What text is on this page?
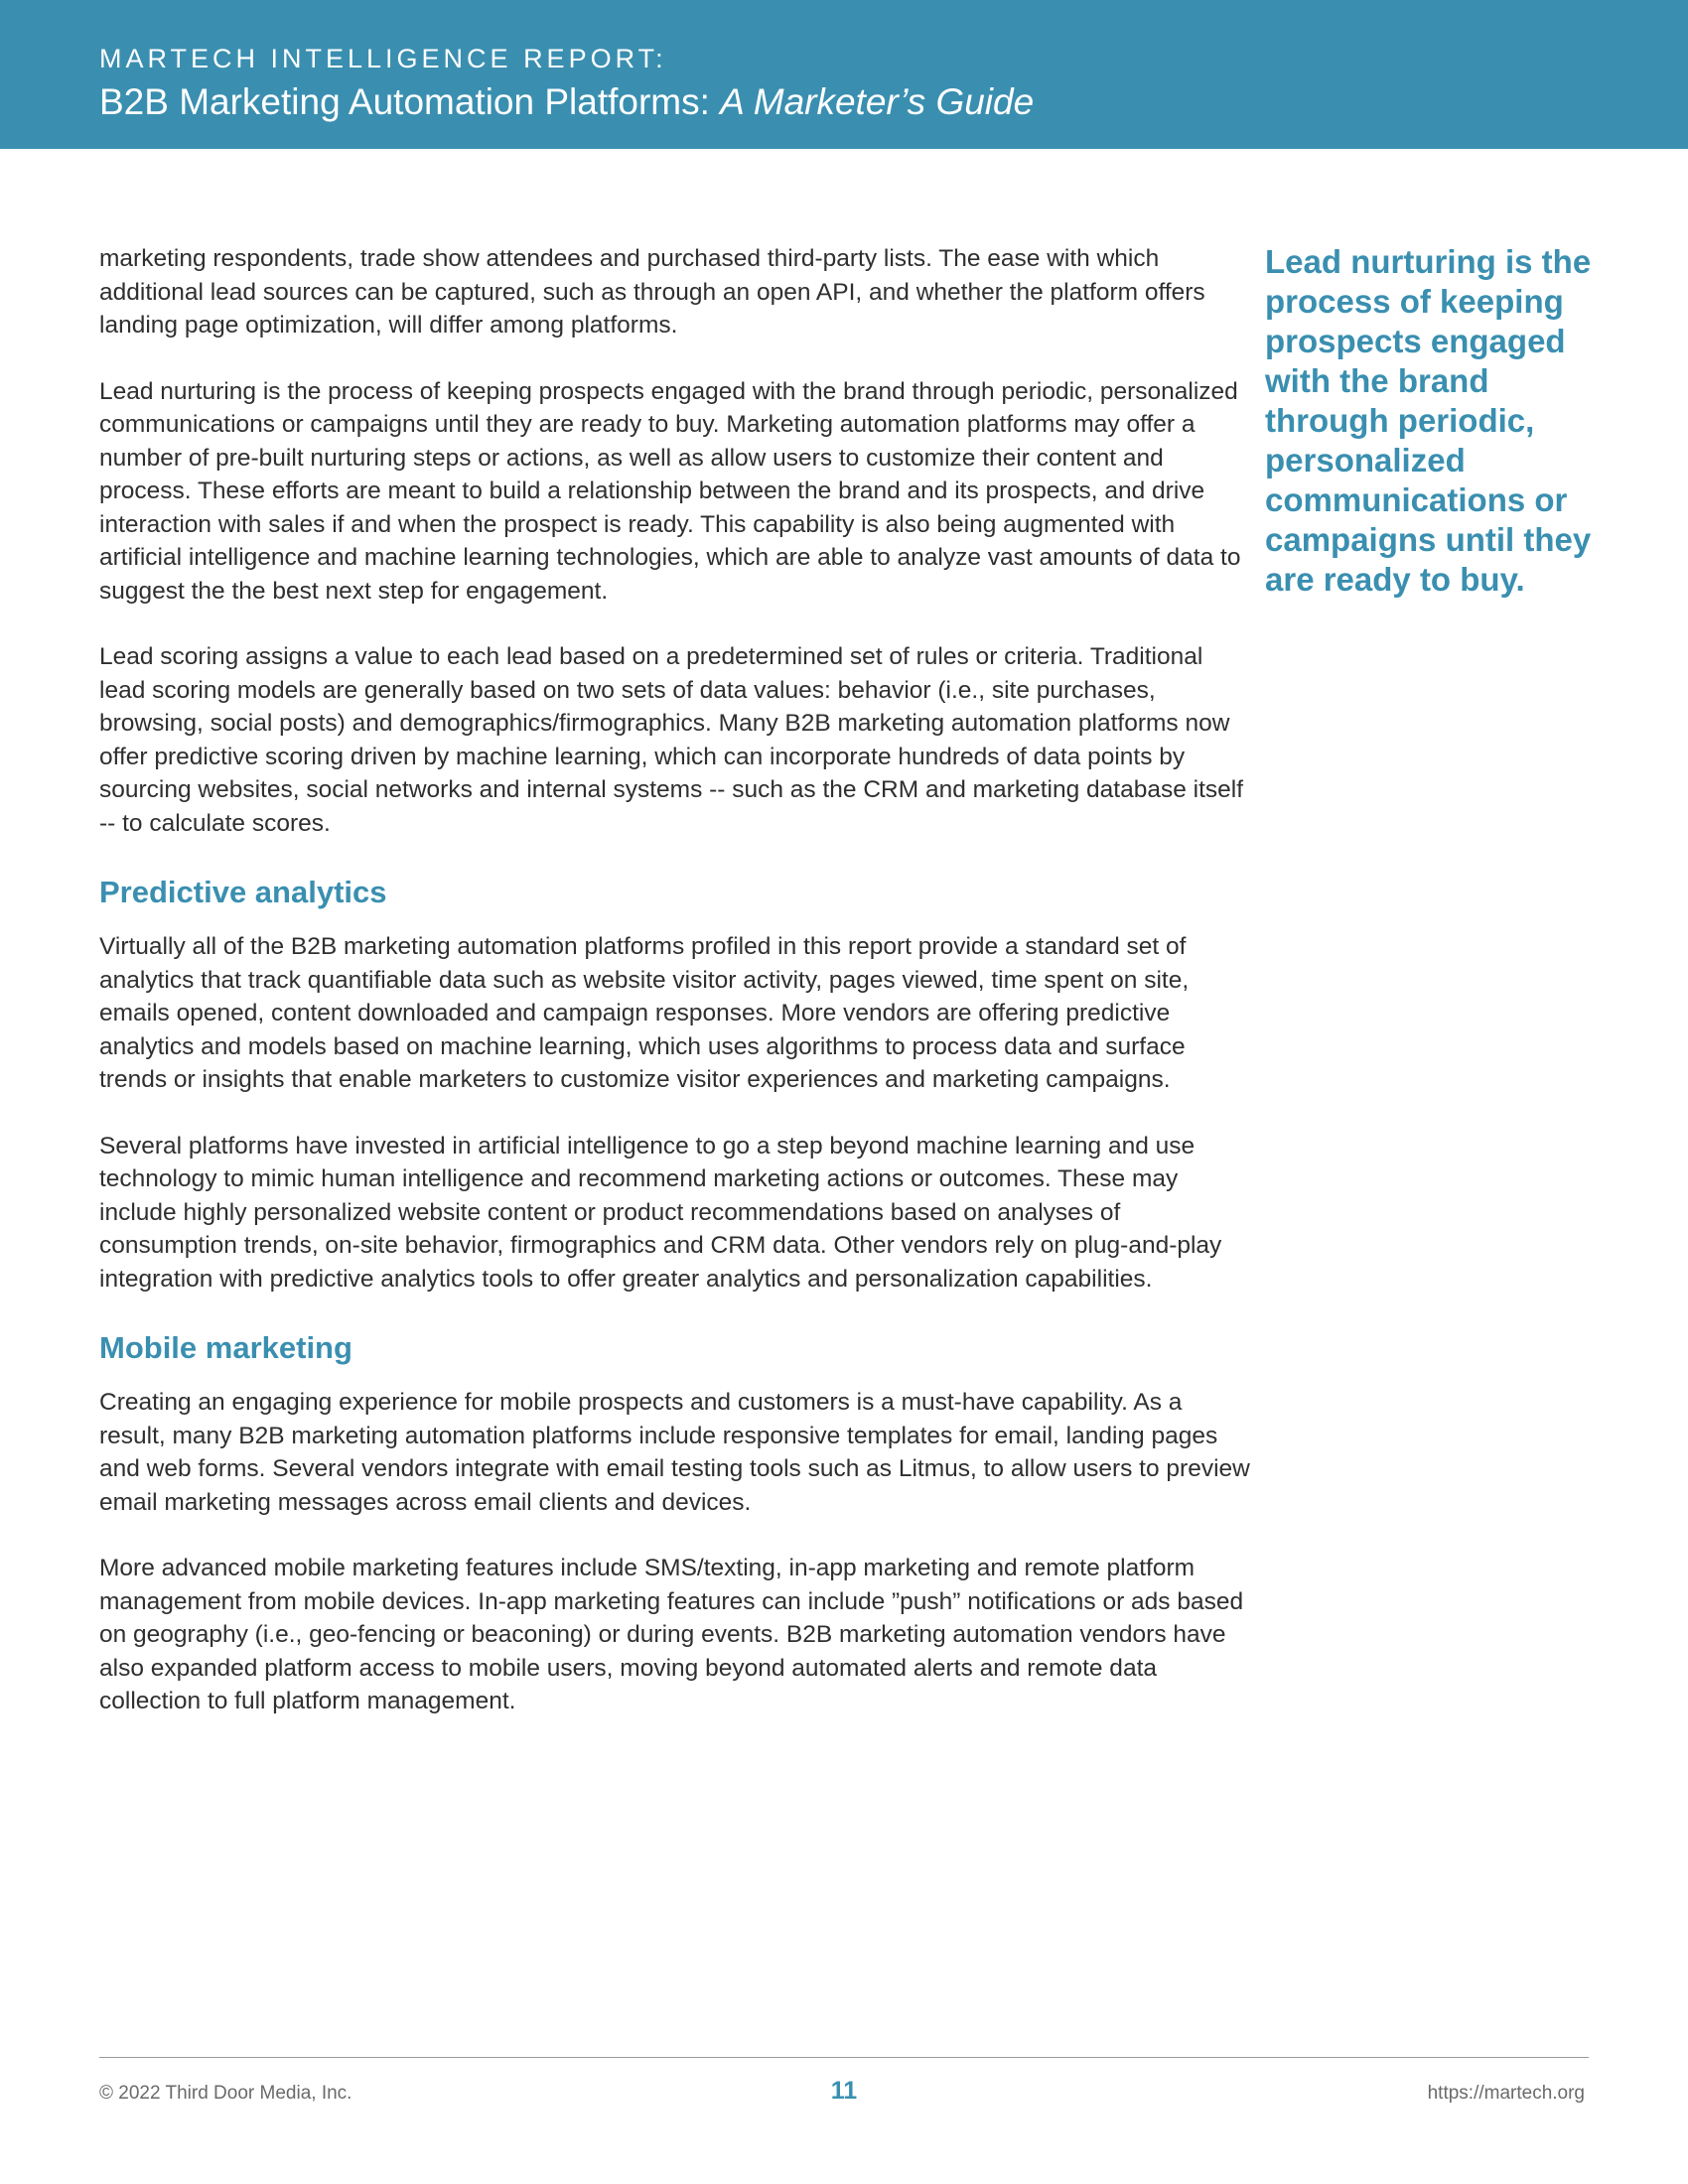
MARTECH INTELLIGENCE REPORT:
B2B Marketing Automation Platforms: A Marketer’s Guide

marketing respondents, trade show attendees and purchased third-party lists. The ease with which additional lead sources can be captured, such as through an open API, and whether the platform offers landing page optimization, will differ among platforms.

Lead nurturing is the process of keeping prospects engaged with the brand through periodic, personalized communications or campaigns until they are ready to buy. Marketing automation platforms may offer a number of pre-built nurturing steps or actions, as well as allow users to customize their content and process. These efforts are meant to build a relationship between the brand and its prospects, and drive interaction with sales if and when the prospect is ready. This capability is also being augmented with artificial intelligence and machine learning technologies, which are able to analyze vast amounts of data to suggest the the best next step for engagement.

Lead scoring assigns a value to each lead based on a predetermined set of rules or criteria. Traditional lead scoring models are generally based on two sets of data values: behavior (i.e., site purchases, browsing, social posts) and demographics/firmographics. Many B2B marketing automation platforms now offer predictive scoring driven by machine learning, which can incorporate hundreds of data points by sourcing websites, social networks and internal systems -- such as the CRM and marketing database itself -- to calculate scores.

Predictive analytics

Virtually all of the B2B marketing automation platforms profiled in this report provide a standard set of analytics that track quantifiable data such as website visitor activity, pages viewed, time spent on site, emails opened, content downloaded and campaign responses. More vendors are offering predictive analytics and models based on machine learning, which uses algorithms to process data and surface trends or insights that enable marketers to customize visitor experiences and marketing campaigns.

Several platforms have invested in artificial intelligence to go a step beyond machine learning and use technology to mimic human intelligence and recommend marketing actions or outcomes. These may include highly personalized website content or product recommendations based on analyses of consumption trends, on-site behavior, firmographics and CRM data. Other vendors rely on plug-and-play integration with predictive analytics tools to offer greater analytics and personalization capabilities.

Mobile marketing

Creating an engaging experience for mobile prospects and customers is a must-have capability. As a result, many B2B marketing automation platforms include responsive templates for email, landing pages and web forms. Several vendors integrate with email testing tools such as Litmus, to allow users to preview email marketing messages across email clients and devices.

More advanced mobile marketing features include SMS/texting, in-app marketing and remote platform management from mobile devices. In-app marketing features can include ”push” notifications or ads based on geography (i.e., geo-fencing or beaconing) or during events. B2B marketing automation vendors have also expanded platform access to mobile users, moving beyond automated alerts and remote data collection to full platform management.

Lead nurturing is the process of keeping prospects engaged with the brand through periodic, personalized communications or campaigns until they are ready to buy.
© 2022 Third Door Media, Inc.	11	https://martech.org
